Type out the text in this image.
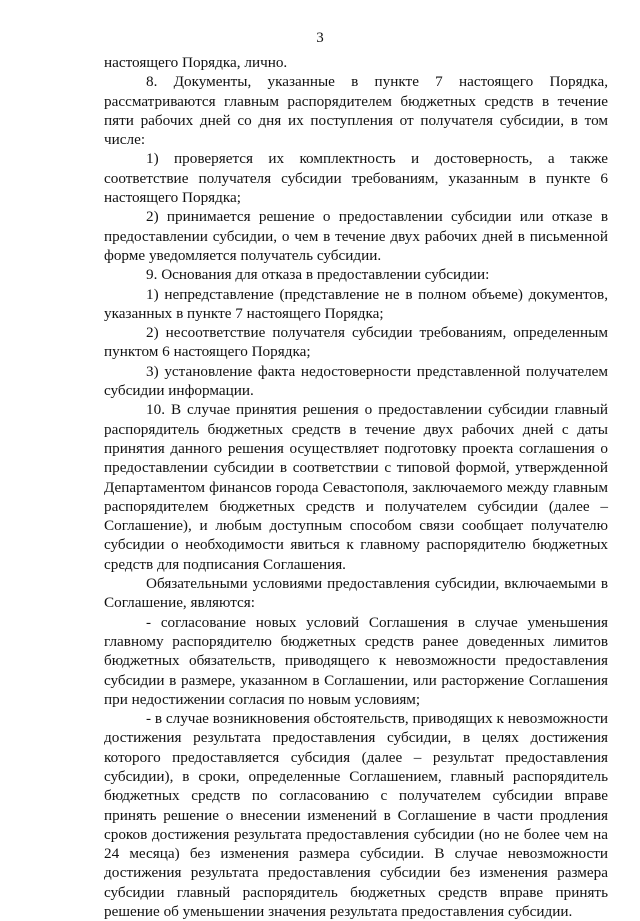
3

настоящего Порядка, лично.

8. Документы, указанные в пункте 7 настоящего Порядка, рассматриваются главным распорядителем бюджетных средств в течение пяти рабочих дней со дня их поступления от получателя субсидии, в том числе:

1) проверяется их комплектность и достоверность, а также соответствие получателя субсидии требованиям, указанным в пункте 6 настоящего Порядка;

2) принимается решение о предоставлении субсидии или отказе в предоставлении субсидии, о чем в течение двух рабочих дней в письменной форме уведомляется получатель субсидии.

9. Основания для отказа в предоставлении субсидии:

1) непредставление (представление не в полном объеме) документов, указанных в пункте 7 настоящего Порядка;

2) несоответствие получателя субсидии требованиям, определенным пунктом 6 настоящего Порядка;

3) установление факта недостоверности представленной получателем субсидии информации.

10. В случае принятия решения о предоставлении субсидии главный распорядитель бюджетных средств в течение двух рабочих дней с даты принятия данного решения осуществляет подготовку проекта соглашения о предоставлении субсидии в соответствии с типовой формой, утвержденной Департаментом финансов города Севастополя, заключаемого между главным распорядителем бюджетных средств и получателем субсидии (далее – Соглашение), и любым доступным способом связи сообщает получателю субсидии о необходимости явиться к главному распорядителю бюджетных средств для подписания Соглашения.

Обязательными условиями предоставления субсидии, включаемыми в Соглашение, являются:

- согласование новых условий Соглашения в случае уменьшения главному распорядителю бюджетных средств ранее доведенных лимитов бюджетных обязательств, приводящего к невозможности предоставления субсидии в размере, указанном в Соглашении, или расторжение Соглашения при недостижении согласия по новым условиям;

- в случае возникновения обстоятельств, приводящих к невозможности достижения результата предоставления субсидии, в целях достижения которого предоставляется субсидия (далее – результат предоставления субсидии), в сроки, определенные Соглашением, главный распорядитель бюджетных средств по согласованию с получателем субсидии вправе принять решение о внесении изменений в Соглашение в части продления сроков достижения результата предоставления субсидии (но не более чем на 24 месяца) без изменения размера субсидии. В случае невозможности достижения результата предоставления субсидии без изменения размера субсидии главный распорядитель бюджетных средств вправе принять решение об уменьшении значения результата предоставления субсидии.
